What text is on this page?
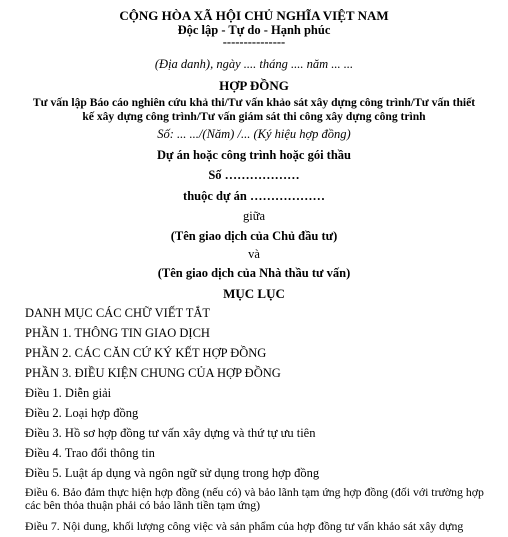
CỘNG HÒA XÃ HỘI CHỦ NGHĨA VIỆT NAM
Độc lập - Tự do - Hạnh phúc
---------------
(Địa danh), ngày .... tháng .... năm ... ...
HỢP ĐỒNG
Tư vấn lập Báo cáo nghiên cứu khả thi/Tư vấn khảo sát xây dựng công trình/Tư vấn thiết
kế xây dựng công trình/Tư vấn giám sát thi công xây dựng công trình
Số: ... .../(Năm) /... (Ký hiệu hợp đồng)
Dự án hoặc công trình hoặc gói thầu
Số ………………
thuộc dự án ………………
giữa
(Tên giao dịch của Chủ đầu tư)
và
(Tên giao dịch của Nhà thầu tư vấn)
MỤC LỤC
DANH MỤC CÁC CHỮ VIẾT TẮT
PHẦN 1. THÔNG TIN GIAO DỊCH
PHẦN 2. CÁC CĂN CỨ KÝ KẾT HỢP ĐỒNG
PHẦN 3. ĐIỀU KIỆN CHUNG CỦA HỢP ĐỒNG
Điều 1. Diễn giải
Điều 2. Loại hợp đồng
Điều 3. Hồ sơ hợp đồng tư vấn xây dựng và thứ tự ưu tiên
Điều 4. Trao đổi thông tin
Điều 5. Luật áp dụng và ngôn ngữ sử dụng trong hợp đồng
Điều 6. Bảo đảm thực hiện hợp đồng (nếu có) và bảo lãnh tạm ứng hợp đồng (đối với trường hợp các bên thỏa thuận phải có bảo lãnh tiền tạm ứng)
Điều 7. Nội dung, khối lượng công việc và sản phẩm của hợp đồng tư vấn khảo sát xây dựng
